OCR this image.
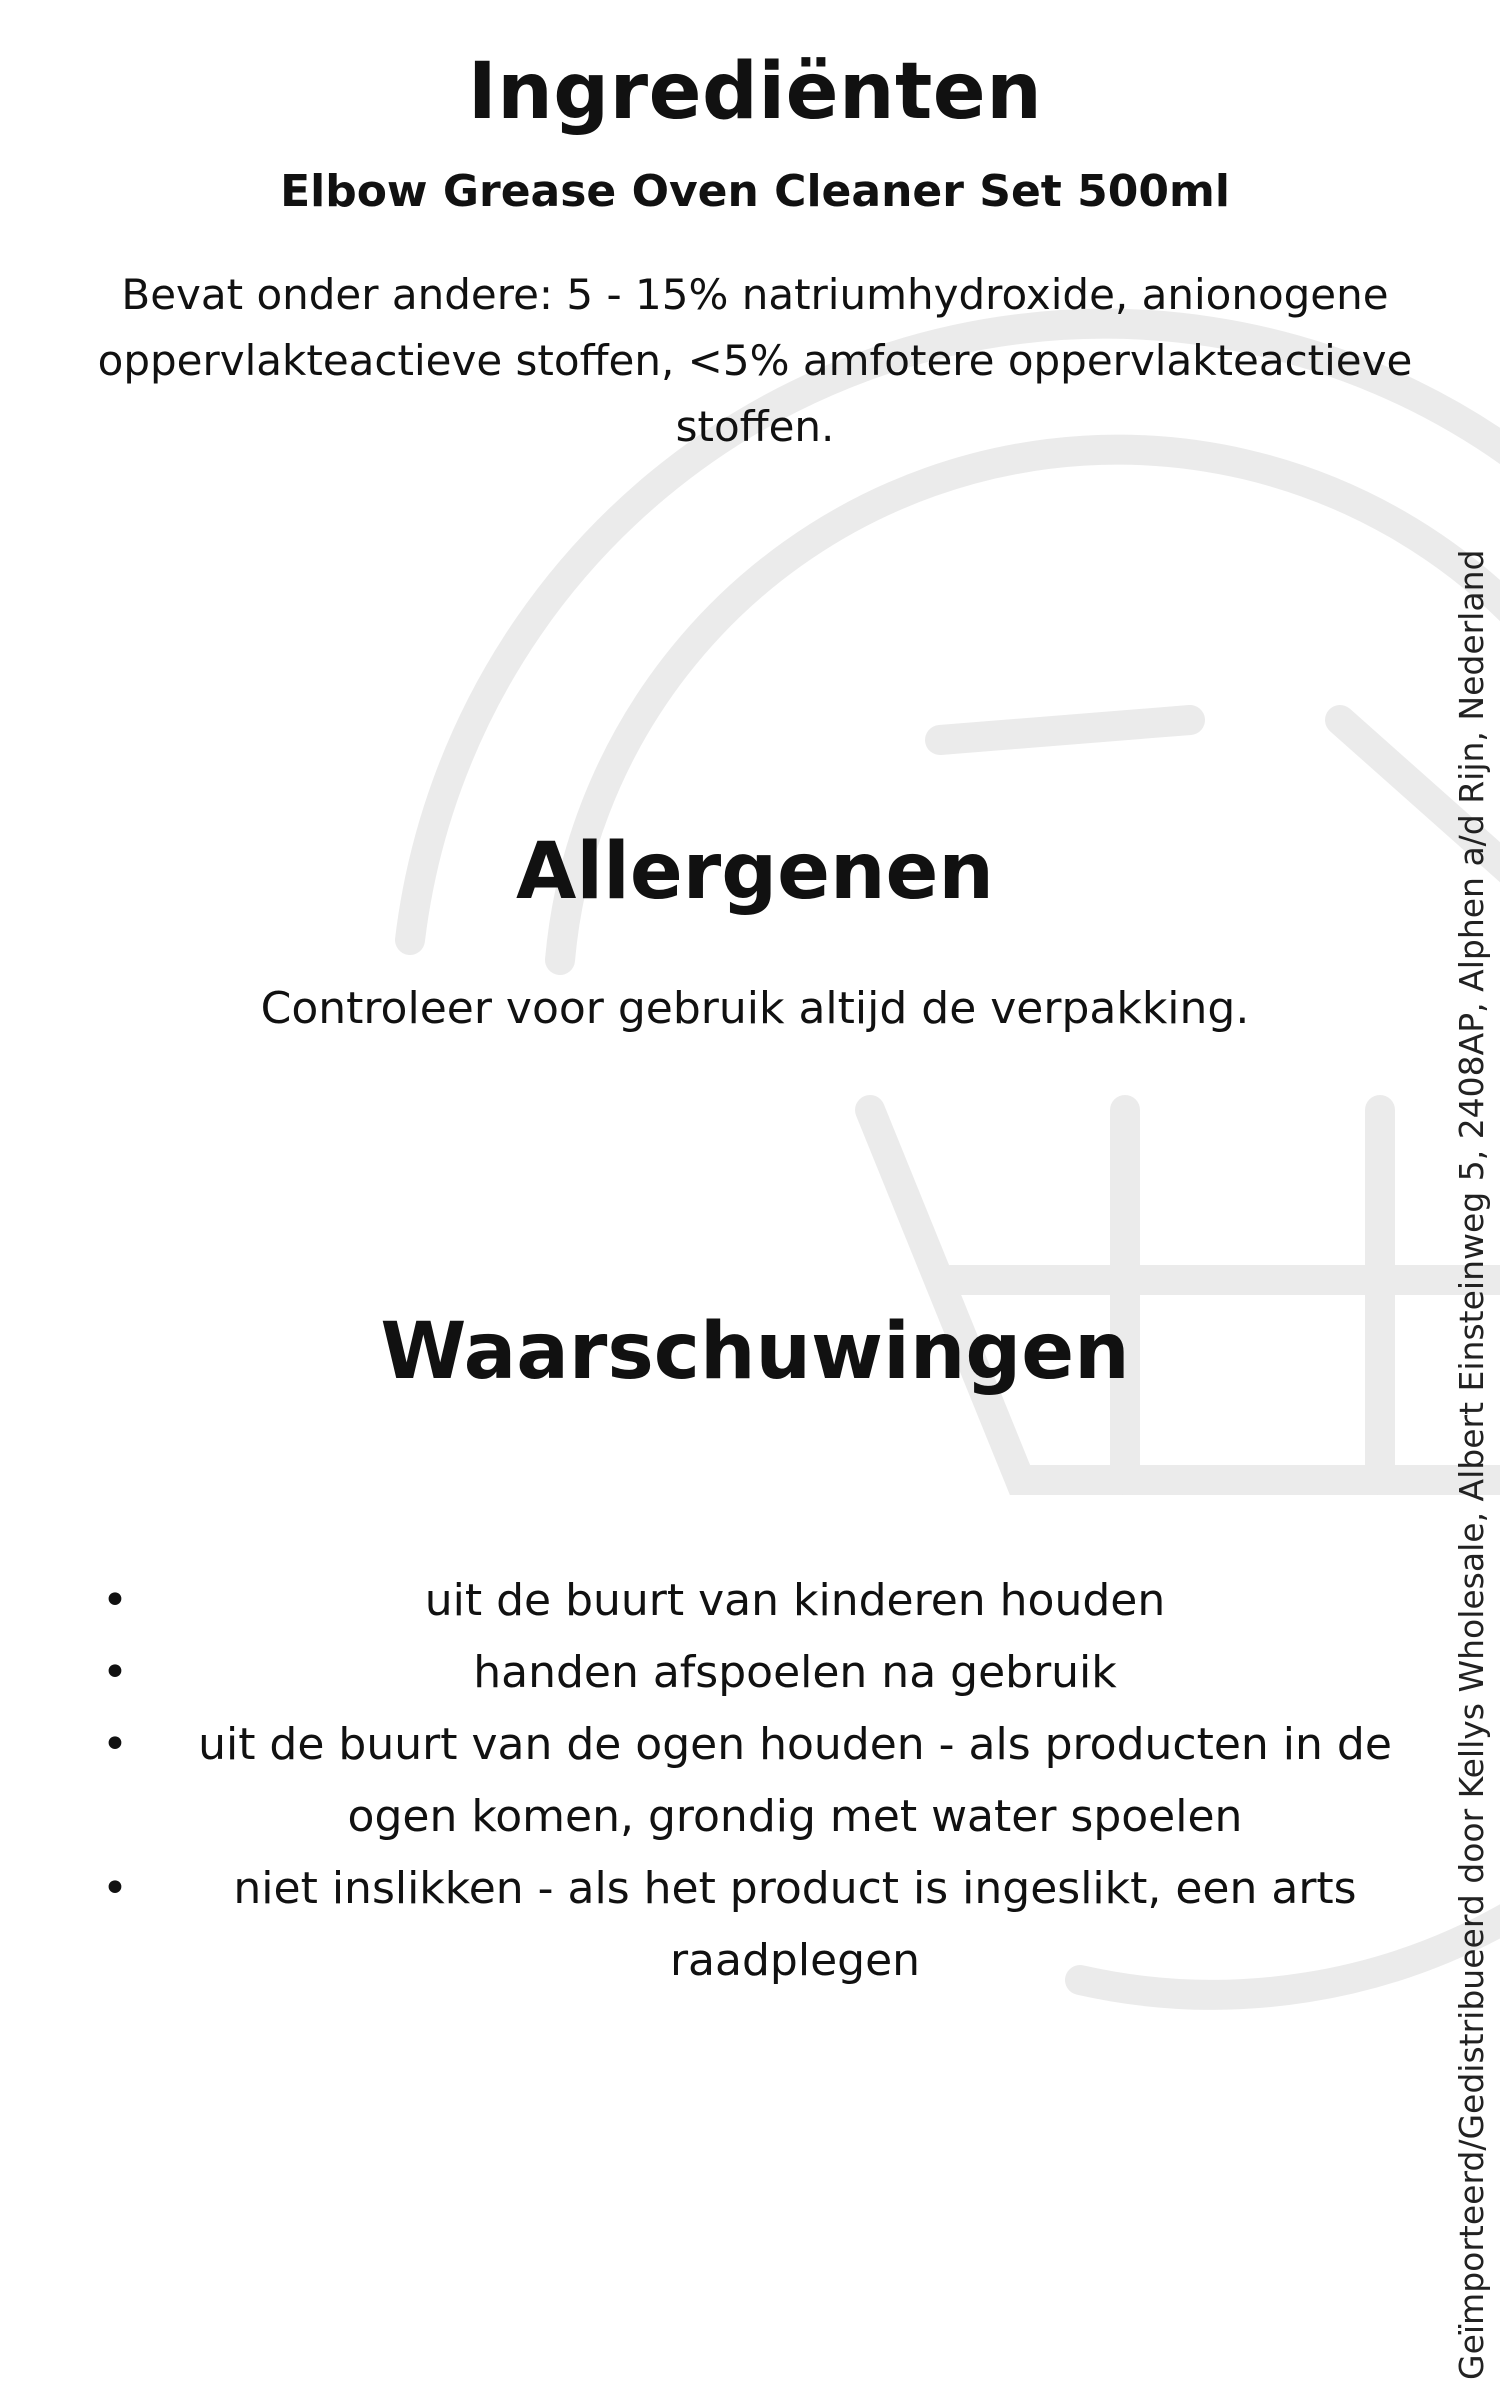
Ingrediënten
Elbow Grease Oven Cleaner Set 500ml

Bevat onder andere: 5 - 15% natriumhydroxide, anionogene oppervlakteactieve stoffen, <5% amfotere oppervlakteactieve stoffen.

Allergenen

Controleer voor gebruik altijd de verpakking.

Waarschuwingen
•	uit de buurt van kinderen houden
•	handen afspoelen na gebruik
• uit de buurt van de ogen houden - als producten in de ogen komen, grondig met water spoelen
• niet inslikken - als het product is ingeslikt, een arts raadplegen	Geïmporteerd/Gedistribueerd door Kellys Wholesale, Albert Einsteinweg 5, 2408AP, Alphen a/d Rijn, Nederland
